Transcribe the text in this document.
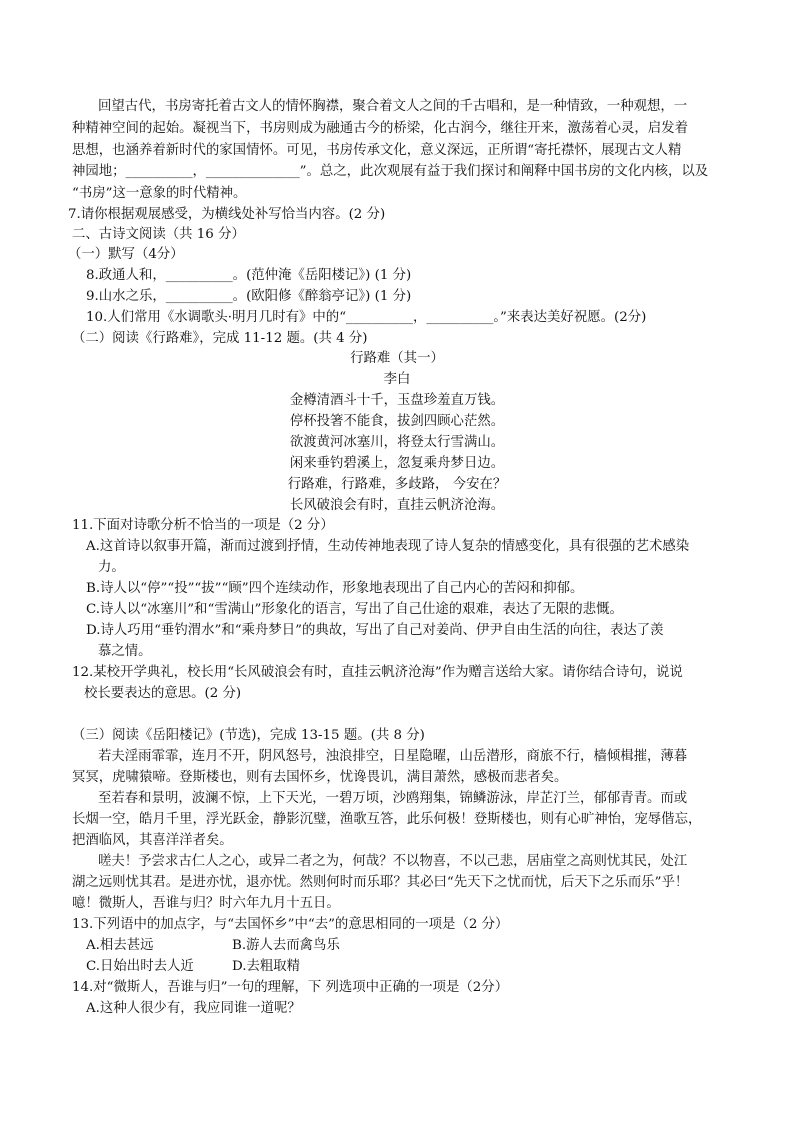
回望古代，书房寄托着古文人的情怀胸襟，聚合着文人之间的千古唱和，是一种情致，一种观想，一
种精神空间的起始。凝视当下，书房则成为融通古今的桥梁，化古润今，继往开来，激荡着心灵，启发着
思想，也涵养着新时代的家国情怀。可见，书房传承文化，意义深远，正所谓“寄托襟怀，展现古文人精
神园地；__________，______________”。总之，此次观展有益于我们探讨和阐释中国书房的文化内核，以及
“书房”这一意象的时代精神。
7.请你根据观展感受，为横线处补写恰当内容。(2 分)
二、古诗文阅读（共 16 分）
（一）默写（4分）
8.政通人和，__________。(范仲淹《岳阳楼记》) (1 分)
9.山水之乐，__________。(欧阳修《醉翁亭记》) (1 分)
10.人们常用《水调歌头·明月几时有》中的“__________，__________。”来表达美好祝愿。(2分)
（二）阅读《行路难》，完成 11-12 题。(共 4 分)
行路难（其一）
李白
金樽清酒斗十千，玉盘珍羞直万钱。
停杯投箸不能食，拔剑四顾心茫然。
欲渡黄河冰塞川，将登太行雪满山。
闲来垂钓碧溪上，忽复乘舟梦日边。
行路难，行路难，多歧路， 今安在？
长风破浪会有时，直挂云帆济沧海。
11.下面对诗歌分析不恰当的一项是（2 分）
A.这首诗以叙事开篇，渐而过渡到抒情，生动传神地表现了诗人复杂的情感变化，具有很强的艺术感染
力。
B.诗人以“停”“投”“拔”“顾”四个连续动作，形象地表现出了自己内心的苦闷和抑郁。
C.诗人以“冰塞川”和“雪满山”形象化的语言，写出了自己仕途的艰难，表达了无限的悲慨。
D.诗人巧用“垂钓渭水”和“乘舟梦日”的典故，写出了自己对姜尚、伊尹自由生活的向往，表达了羡
慕之情。
12.某校开学典礼，校长用“长风破浪会有时，直挂云帆济沧海”作为赠言送给大家。请你结合诗句，说说
校长要表达的意思。(2 分)
（三）阅读《岳阳楼记》(节选)，完成 13-15 题。(共 8 分)
若夫淫雨霏霏，连月不开，阴风怒号，浊浪排空，日星隐曜，山岳潜形，商旅不行，樯倾楫摧，薄暮
冥冥，虎啸猿啼。登斯楼也，则有去国怀乡，忧谗畏讥，满目萧然，感极而悲者矣。
至若春和景明，波澜不惊，上下天光，一碧万顷，沙鸥翔集，锦鳞游泳，岸芷汀兰，郁郁青青。而或
长烟一空，皓月千里，浮光跃金，静影沉璧，渔歌互答，此乐何极！登斯楼也，则有心旷神怡，宠辱偕忘，
把酒临风，其喜洋洋者矣。
嗟夫！予尝求古仁人之心，或异二者之为，何哉？不以物喜，不以己悲，居庙堂之高则忧其民，处江
湖之远则忧其君。是进亦忧，退亦忧。然则何时而乐耶？其必曰“先天下之忧而忧，后天下之乐而乐”乎！
噫！微斯人，吾谁与归？时六年九月十五日。
13.下列语中的加点字，与“去国怀乡”中“去”的意思相同的一项是（2 分）
A.相去甚远	B.游人去而禽鸟乐
C.日始出时去人近	D.去粗取精
14.对“微斯人，吾谁与归”一句的理解，下 列选项中正确的一项是（2分）
A.这种人很少有，我应同谁一道呢？
